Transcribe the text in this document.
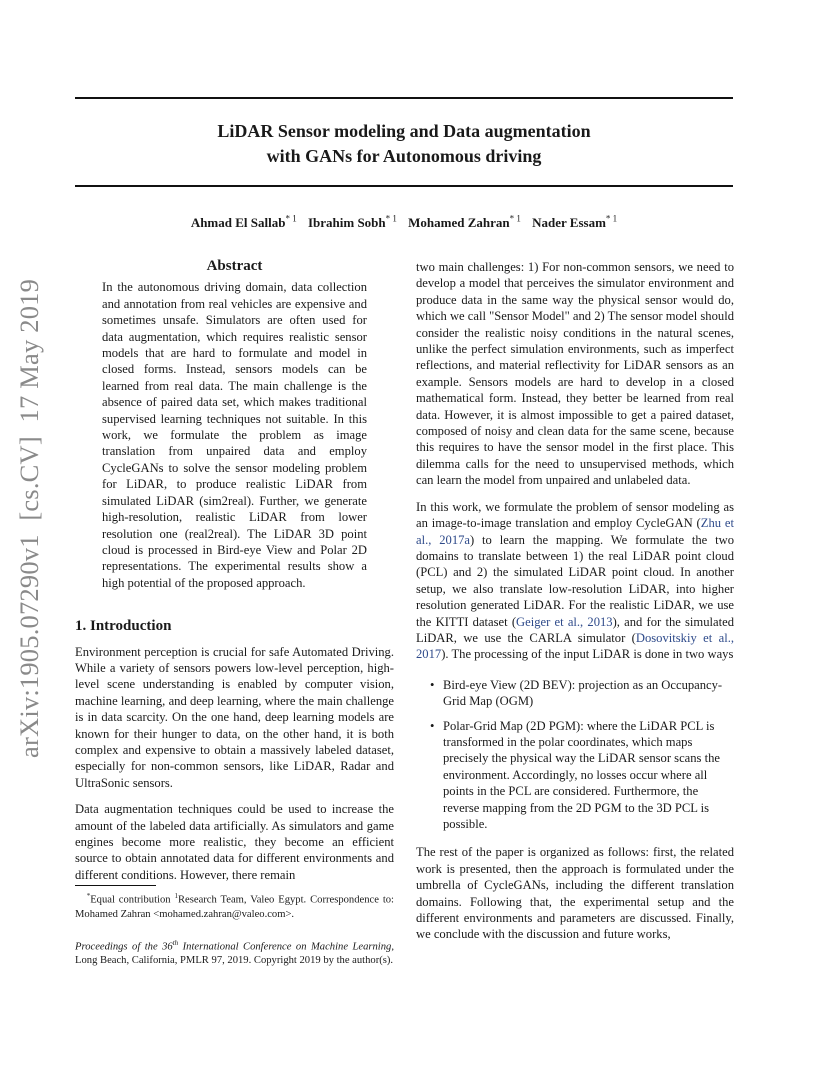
LiDAR Sensor modeling and Data augmentation
with GANs for Autonomous driving
Ahmad El Sallab$^{* 1}$ Ibrahim Sobh$^{* 1}$ Mohamed Zahran$^{* 1}$ Nader Essam$^{* 1}$
arXiv:1905.07290v1  [cs.CV]  17 May 2019
Abstract

In the autonomous driving domain, data collection and annotation from real vehicles are expensive and sometimes unsafe. Simulators are often used for data augmentation, which requires realistic sensor models that are hard to formulate and model in closed forms. Instead, sensors models can be learned from real data. The main challenge is the absence of paired data set, which makes traditional supervised learning techniques not suitable. In this work, we formulate the problem as image translation from unpaired data and employ CycleGANs to solve the sensor modeling problem for LiDAR, to produce realistic LiDAR from simulated LiDAR (sim2real). Further, we generate high-resolution, realistic LiDAR from lower resolution one (real2real). The LiDAR 3D point cloud is processed in Bird-eye View and Polar 2D representations. The experimental results show a high potential of the proposed approach.

1. Introduction

Environment perception is crucial for safe Automated Driving. While a variety of sensors powers low-level perception, high-level scene understanding is enabled by computer vision, machine learning, and deep learning, where the main challenge is in data scarcity. On the one hand, deep learning models are known for their hunger to data, on the other hand, it is both complex and expensive to obtain a massively labeled dataset, especially for non-common sensors, like LiDAR, Radar and UltraSonic sensors.

Data augmentation techniques could be used to increase the amount of the labeled data artificially. As simulators and game engines become more realistic, they become an efficient source to obtain annotated data for different environments and different conditions. However, there remain

*Equal contribution $^1$Research Team, Valeo Egypt. Correspondence to: Mohamed Zahran <mohamed.zahran@valeo.com>.

Proceedings of the 36th International Conference on Machine Learning, Long Beach, California, PMLR 97, 2019. Copyright 2019 by the author(s).

two main challenges: 1) For non-common sensors, we need to develop a model that perceives the simulator environment and produce data in the same way the physical sensor would do, which we call "Sensor Model" and 2) The sensor model should consider the realistic noisy conditions in the natural scenes, unlike the perfect simulation environments, such as imperfect reflections, and material reflectivity for LiDAR sensors as an example. Sensors models are hard to develop in a closed mathematical form. Instead, they better be learned from real data. However, it is almost impossible to get a paired dataset, composed of noisy and clean data for the same scene, because this requires to have the sensor model in the first place. This dilemma calls for the need to unsupervised methods, which can learn the model from unpaired and unlabeled data.

In this work, we formulate the problem of sensor modeling as an image-to-image translation and employ CycleGAN (Zhu et al., 2017a) to learn the mapping. We formulate the two domains to translate between 1) the real LiDAR point cloud (PCL) and 2) the simulated LiDAR point cloud. In another setup, we also translate low-resolution LiDAR, into higher resolution generated LiDAR. For the realistic LiDAR, we use the KITTI dataset (Geiger et al., 2013), and for the simulated LiDAR, we use the CARLA simulator (Dosovitskiy et al., 2017). The processing of the input LiDAR is done in two ways

• Bird-eye View (2D BEV): projection as an Occupancy-Grid Map (OGM)
• Polar-Grid Map (2D PGM): where the LiDAR PCL is transformed in the polar coordinates, which maps precisely the physical way the LiDAR sensor scans the environment. Accordingly, no losses occur where all points in the PCL are considered. Furthermore, the reverse mapping from the 2D PGM to the 3D PCL is possible.

The rest of the paper is organized as follows: first, the related work is presented, then the approach is formulated under the umbrella of CycleGANs, including the different translation domains. Following that, the experimental setup and the different environments and parameters are discussed. Finally, we conclude with the discussion and future works,
